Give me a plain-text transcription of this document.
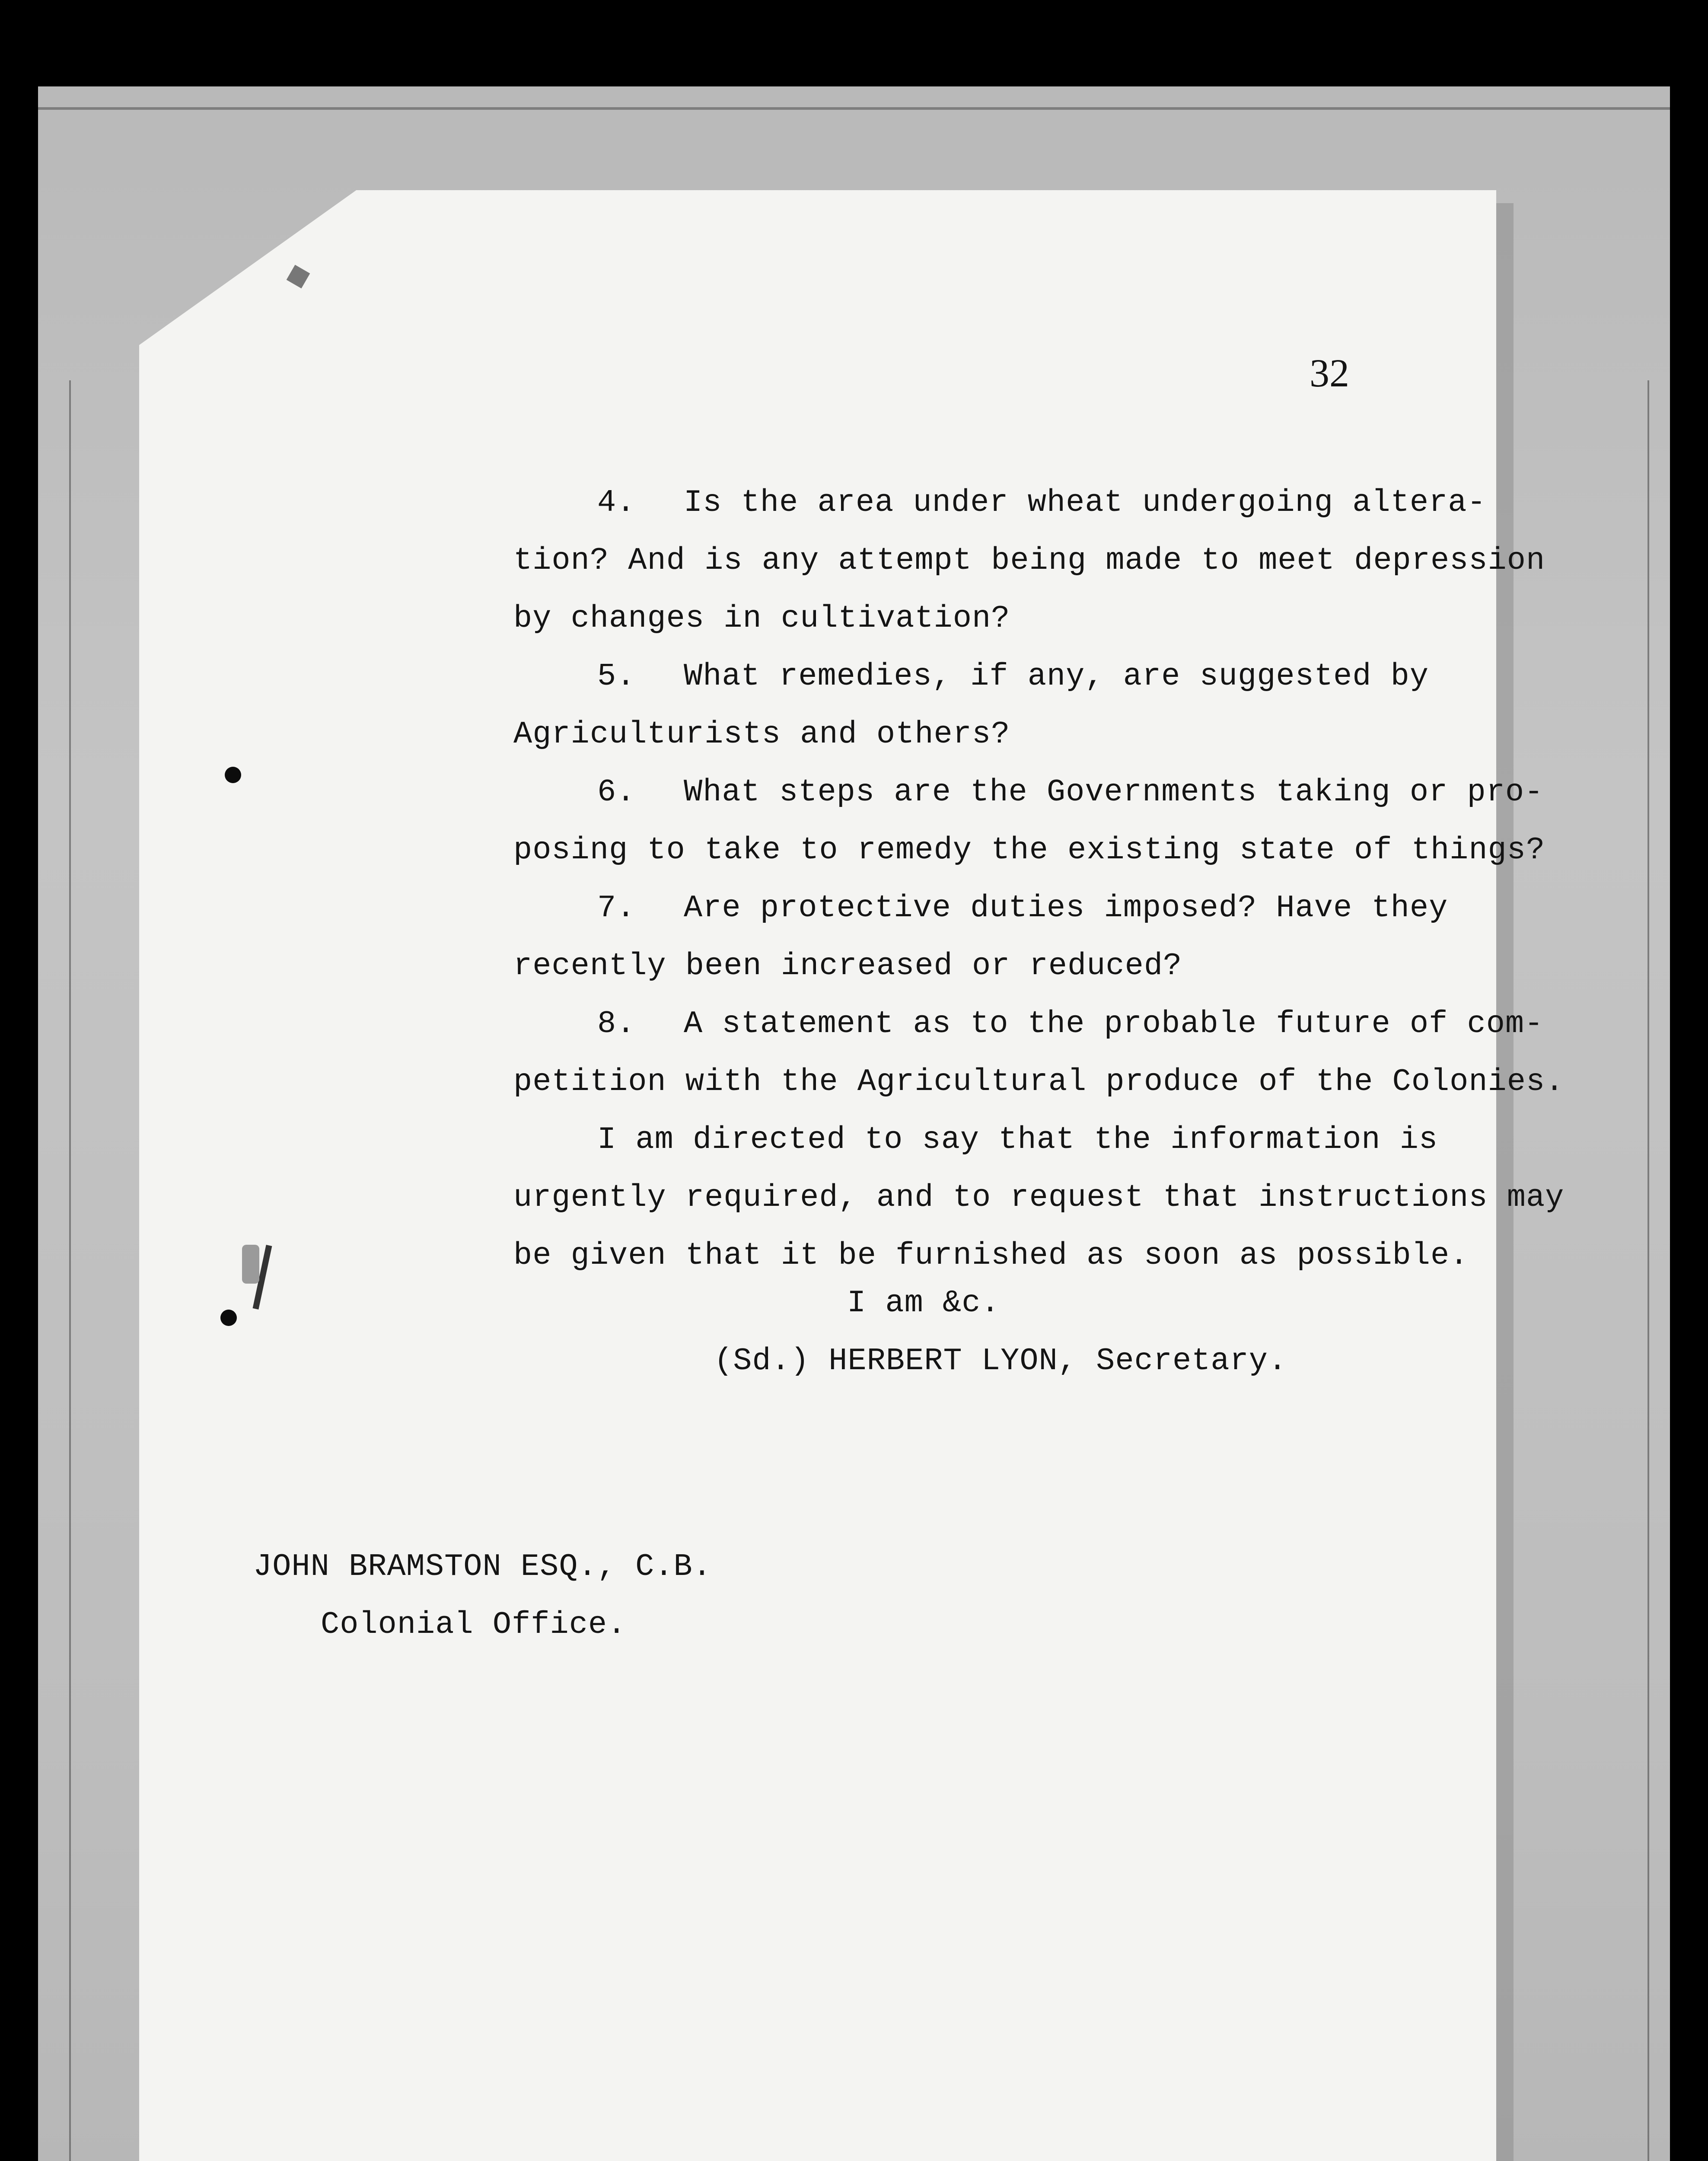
32
4. Is the area under wheat undergoing altera-
tion? And is any attempt being made to meet depression
by changes in cultivation?
5. What remedies, if any, are suggested by
Agriculturists and others?
6. What steps are the Governments taking or pro-
posing to take to remedy the existing state of things?
7. Are protective duties imposed? Have they
recently been increased or reduced?
8. A statement as to the probable future of com-
petition with the Agricultural produce of the Colonies.
I am directed to say that the information is
urgently required, and to request that instructions may
be given that it be furnished as soon as possible.
I am &c.
(Sd.) HERBERT LYON, Secretary.
JOHN BRAMSTON ESQ., C.B.
Colonial Office.
